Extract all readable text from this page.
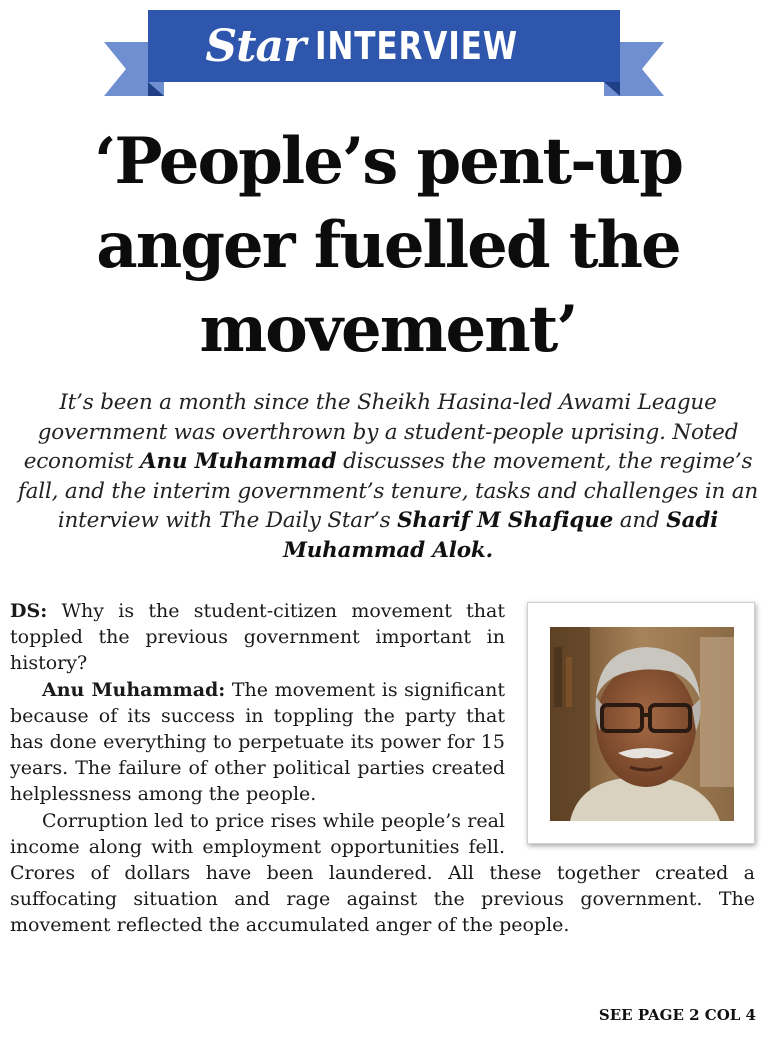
Star INTERVIEW
‘People’s pent-up
anger fuelled the
movement’
It’s been a month since the Sheikh Hasina-led Awami League government was overthrown by a student-people uprising. Noted economist Anu Muhammad discusses the movement, the regime’s fall, and the interim government’s tenure, tasks and challenges in an interview with The Daily Star’s Sharif M Shafique and Sadi Muhammad Alok.

DS: Why is the student-citizen movement that toppled the previous government important in history?

Anu Muhammad: The movement is significant because of its success in toppling the party that has done everything to perpetuate its power for 15 years. The failure of other political parties created helplessness among the people.

Corruption led to price rises while people’s real income along with employment opportunities fell. Crores of dollars have been laundered. All these together created a suffocating situation and rage against the previous government. The movement reflected the accumulated anger of the people.

SEE PAGE 2 COL 4
